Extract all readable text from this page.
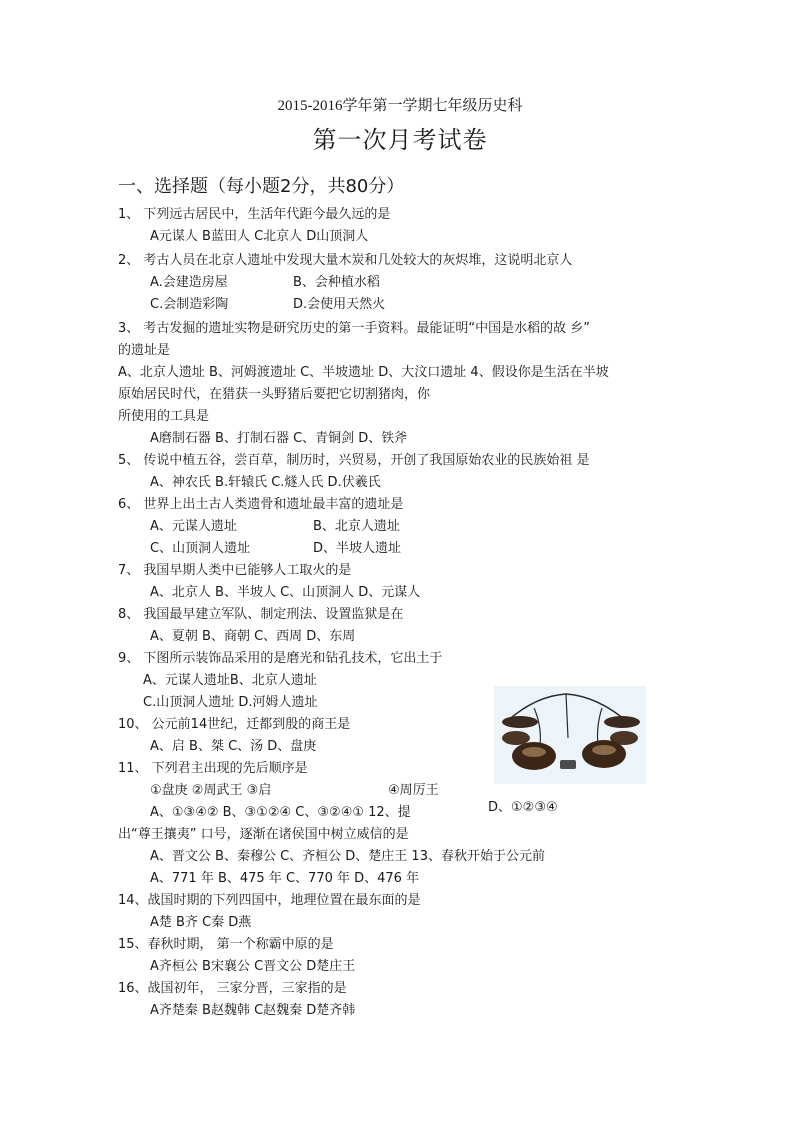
2015-2016学年第一学期七年级历史科
第一次月考试卷
一、选择题（每小题2分，共80分）
1、 下列远古居民中，生活年代距今最久远的是
A元谋人 B蓝田人 C北京人 D山顶洞人
2、 考古人员在北京人遗址中发现大量木炭和几处较大的灰烬堆，这说明北京人
A.会建造房屋	B、会种植水稻
C.会制造彩陶	D.会使用天然火
3、 考古发掘的遗址实物是研究历史的第一手资料。最能证明“中国是水稻的故 乡”
的遗址是
A、北京人遗址 B、河姆渡遗址 C、半坡遗址 D、大汶口遗址 4、假设你是生活在半坡
原始居民时代，在猎获一头野猪后要把它切割猪肉，你
所使用的工具是
A磨制石器 B、打制石器 C、青铜剑 D、铁斧
5、 传说中植五谷，尝百草，制历时，兴贸易，开创了我国原始农业的民族始祖 是
A、神农氏 B.轩辕氏 C.燧人氏 D.伏羲氏
6、 世界上出土古人类遗骨和遗址最丰富的遗址是
A、元谋人遗址	B、北京人遗址
C、山顶洞人遗址	D、半坡人遗址
7、 我国早期人类中已能够人工取火的是
A、北京人 B、半坡人 C、山顶洞人 D、元谋人
8、 我国最早建立军队、制定刑法、设置监狱是在
A、夏朝 B、商朝 C、西周 D、东周
9、 下图所示装饰品采用的是磨光和钻孔技术，它出土于
A、元谋人遗址B、北京人遗址
C.山顶洞人遗址 D.河姆人遗址
10、 公元前14世纪，迁都到殷的商王是
A、启 B、桀 C、汤 D、盘庚
11、 下列君主出现的先后顺序是
①盘庚 ②周武王 ③启	④周厉王
A、①③④② B、③①②④ C、③②④① 12、提	D、①②③④
出“尊王攘夷” 口号，逐渐在诸侯国中树立威信的是
A、晋文公 B、秦穆公 C、齐桓公 D、楚庄王 13、春秋开始于公元前
A、771 年 B、475 年 C、770 年 D、476 年
14、战国时期的下列四国中，地理位置在最东面的是
A楚 B齐 C秦 D燕
15、春秋时期， 第一个称霸中原的是
A齐桓公 B宋襄公 C晋文公 D楚庄王
16、战国初年， 三家分晋，三家指的是
A齐楚秦 B赵魏韩 C赵魏秦 D楚齐韩
